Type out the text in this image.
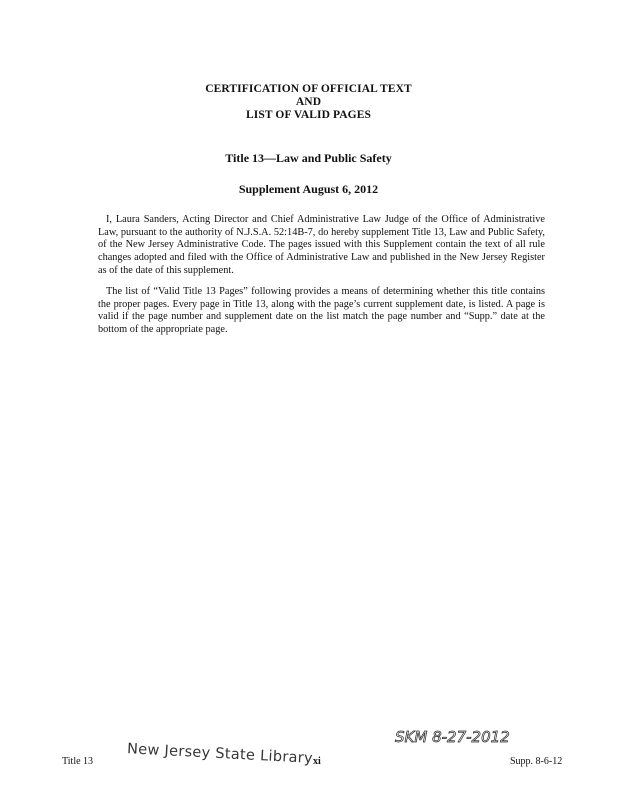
CERTIFICATION OF OFFICIAL TEXT
AND
LIST OF VALID PAGES
Title 13—Law and Public Safety
Supplement August 6, 2012

I, Laura Sanders, Acting Director and Chief Administrative Law Judge of the Office of Administrative Law, pursuant to the authority of N.J.S.A. 52:14B-7, do hereby supplement Title 13, Law and Public Safety, of the New Jersey Administrative Code. The pages issued with this Supplement contain the text of all rule changes adopted and filed with the Office of Administrative Law and published in the New Jersey Register as of the date of this supplement.

The list of “Valid Title 13 Pages” following provides a means of determining whether this title contains the proper pages. Every page in Title 13, along with the page’s current supplement date, is listed. A page is valid if the page number and supplement date on the list match the page number and “Supp.” date at the bottom of the appropriate page.

SKM 8-27-2012
Title 13 New Jersey State Library xi	Supp. 8-6-12
